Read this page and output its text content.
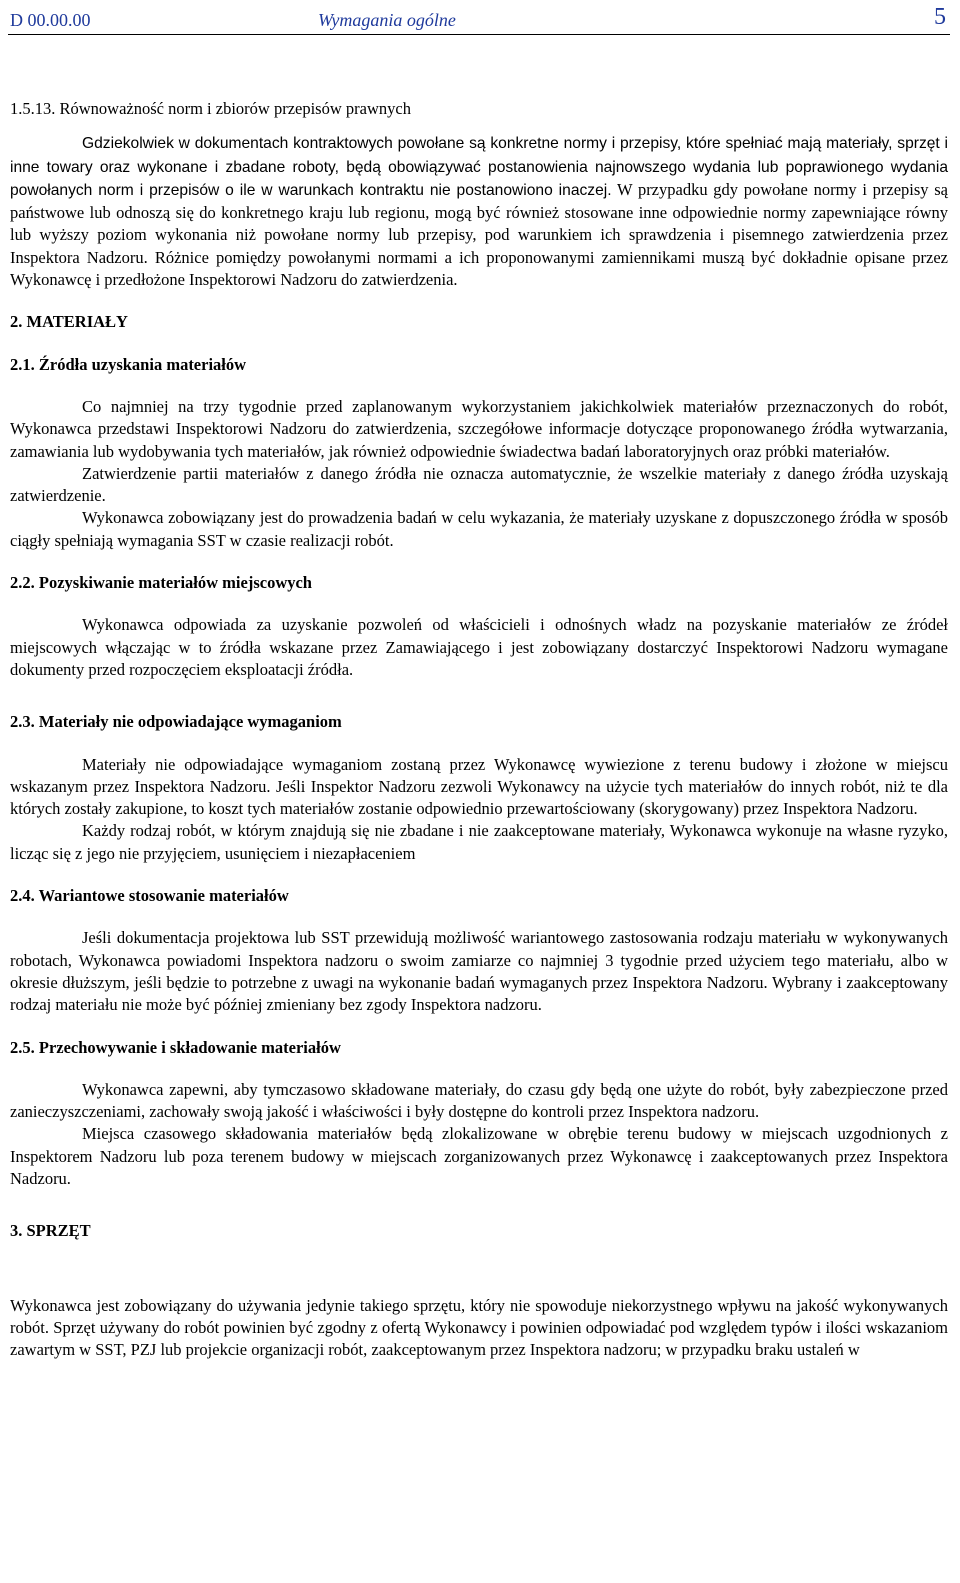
D 00.00.00	Wymagania ogólne	5
1.5.13. Równoważność norm i zbiorów przepisów prawnych

Gdziekolwiek w dokumentach kontraktowych powołane są konkretne normy i przepisy, które spełniać mają materiały, sprzęt i inne towary oraz wykonane i zbadane roboty, będą obowiązywać postanowienia najnowszego wydania lub poprawionego wydania powołanych norm i przepisów o ile w warunkach kontraktu nie postanowiono inaczej. W przypadku gdy powołane normy i przepisy są państwowe lub odnoszą się do konkretnego kraju lub regionu, mogą być również stosowane inne odpowiednie normy zapewniające równy lub wyższy poziom wykonania niż powołane normy lub przepisy, pod warunkiem ich sprawdzenia i pisemnego zatwierdzenia przez Inspektora Nadzoru. Różnice pomiędzy powołanymi normami a ich proponowanymi zamiennikami muszą być dokładnie opisane przez Wykonawcę i przedłożone Inspektorowi Nadzoru do zatwierdzenia.

2. MATERIAŁY
2.1. Źródła uzyskania materiałów

Co najmniej na trzy tygodnie przed zaplanowanym wykorzystaniem jakichkolwiek materiałów przeznaczonych do robót, Wykonawca przedstawi Inspektorowi Nadzoru do zatwierdzenia, szczegółowe informacje dotyczące proponowanego źródła wytwarzania, zamawiania lub wydobywania tych materiałów, jak również odpowiednie świadectwa badań laboratoryjnych oraz próbki materiałów.

Zatwierdzenie partii materiałów z danego źródła nie oznacza automatycznie, że wszelkie materiały z danego źródła uzyskają zatwierdzenie.

Wykonawca zobowiązany jest do prowadzenia badań w celu wykazania, że materiały uzyskane z dopuszczonego źródła w sposób ciągły spełniają wymagania SST w czasie realizacji robót.

2.2. Pozyskiwanie materiałów miejscowych

Wykonawca odpowiada za uzyskanie pozwoleń od właścicieli i odnośnych władz na pozyskanie materiałów ze źródeł miejscowych włączając w to źródła wskazane przez Zamawiającego i jest zobowiązany dostarczyć Inspektorowi Nadzoru wymagane dokumenty przed rozpoczęciem eksploatacji źródła.

2.3. Materiały nie odpowiadające wymaganiom

Materiały nie odpowiadające wymaganiom zostaną przez Wykonawcę wywiezione z terenu budowy i złożone w miejscu wskazanym przez Inspektora Nadzoru. Jeśli Inspektor Nadzoru zezwoli Wykonawcy na użycie tych materiałów do innych robót, niż te dla których zostały zakupione, to koszt tych materiałów zostanie odpowiednio przewartościowany (skorygowany) przez Inspektora Nadzoru.

Każdy rodzaj robót, w którym znajdują się nie zbadane i nie zaakceptowane materiały, Wykonawca wykonuje na własne ryzyko, licząc się z jego nie przyjęciem, usunięciem i niezapłaceniem

2.4. Wariantowe stosowanie materiałów

Jeśli dokumentacja projektowa lub SST przewidują możliwość wariantowego zastosowania rodzaju materiału w wykonywanych robotach, Wykonawca powiadomi Inspektora nadzoru o swoim zamiarze co najmniej 3 tygodnie przed użyciem tego materiału, albo w okresie dłuższym, jeśli będzie to potrzebne z uwagi na wykonanie badań wymaganych przez Inspektora Nadzoru. Wybrany i zaakceptowany rodzaj materiału nie może być później zmieniany bez zgody Inspektora nadzoru.

2.5. Przechowywanie i składowanie materiałów

Wykonawca zapewni, aby tymczasowo składowane materiały, do czasu gdy będą one użyte do robót, były zabezpieczone przed zanieczyszczeniami, zachowały swoją jakość i właściwości i były dostępne do kontroli przez Inspektora nadzoru.

Miejsca czasowego składowania materiałów będą zlokalizowane w obrębie terenu budowy w miejscach uzgodnionych z Inspektorem Nadzoru lub poza terenem budowy w miejscach zorganizowanych przez Wykonawcę i zaakceptowanych przez Inspektora Nadzoru.

3. SPRZĘT

Wykonawca jest zobowiązany do używania jedynie takiego sprzętu, który nie spowoduje niekorzystnego wpływu na jakość wykonywanych robót. Sprzęt używany do robót powinien być zgodny z ofertą Wykonawcy i powinien odpowiadać pod względem typów i ilości wskazaniom zawartym w SST, PZJ lub projekcie organizacji robót, zaakceptowanym przez Inspektora nadzoru; w przypadku braku ustaleń w
